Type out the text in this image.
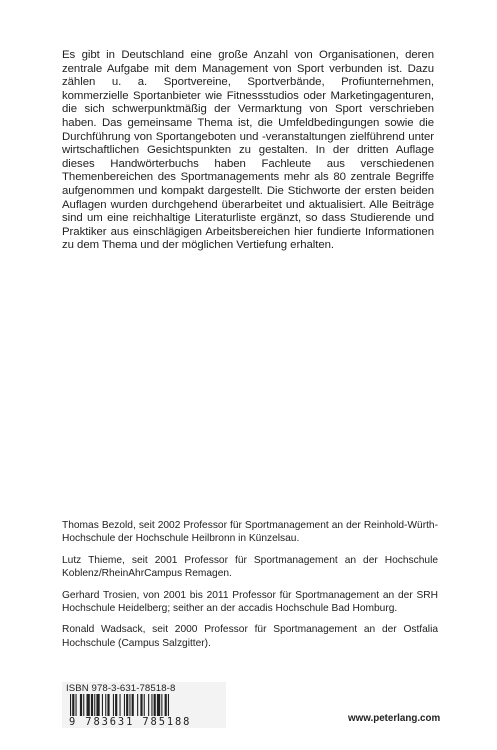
Es gibt in Deutschland eine große Anzahl von Organisationen, deren zentrale Aufgabe mit dem Management von Sport verbunden ist. Dazu zählen u. a. Sportvereine, Sportverbände, Profiunternehmen, kommerzielle Sportanbieter wie Fitnessstudios oder Marketingagenturen, die sich schwerpunktmäßig der Vermarktung von Sport verschrieben haben. Das gemeinsame Thema ist, die Umfeldbedingungen sowie die Durchführung von Sportangeboten und -veranstaltungen zielführend unter wirtschaftlichen Gesichtspunkten zu gestalten. In der dritten Auflage dieses Handwörterbuchs haben Fachleute aus verschiedenen Themenbereichen des Sportmanagements mehr als 80 zentrale Begriffe aufgenommen und kompakt dargestellt. Die Stichworte der ersten beiden Auflagen wurden durchgehend überarbeitet und aktualisiert. Alle Beiträge sind um eine reichhaltige Literaturliste ergänzt, so dass Studierende und Praktiker aus einschlägigen Arbeitsbereichen hier fundierte Informationen zu dem Thema und der möglichen Vertiefung erhalten.

Thomas Bezold, seit 2002 Professor für Sportmanagement an der Reinhold-Würth-Hochschule der Hochschule Heilbronn in Künzelsau.

Lutz Thieme, seit 2001 Professor für Sportmanagement an der Hochschule Koblenz/RheinAhrCampus Remagen.

Gerhard Trosien, von 2001 bis 2011 Professor für Sportmanagement an der SRH Hochschule Heidelberg; seither an der accadis Hochschule Bad Homburg.

Ronald Wadsack, seit 2000 Professor für Sportmanagement an der Ostfalia Hochschule (Campus Salzgitter).

ISBN 978-3-631-78518-8
9 783631 785188	www.peterlang.com
